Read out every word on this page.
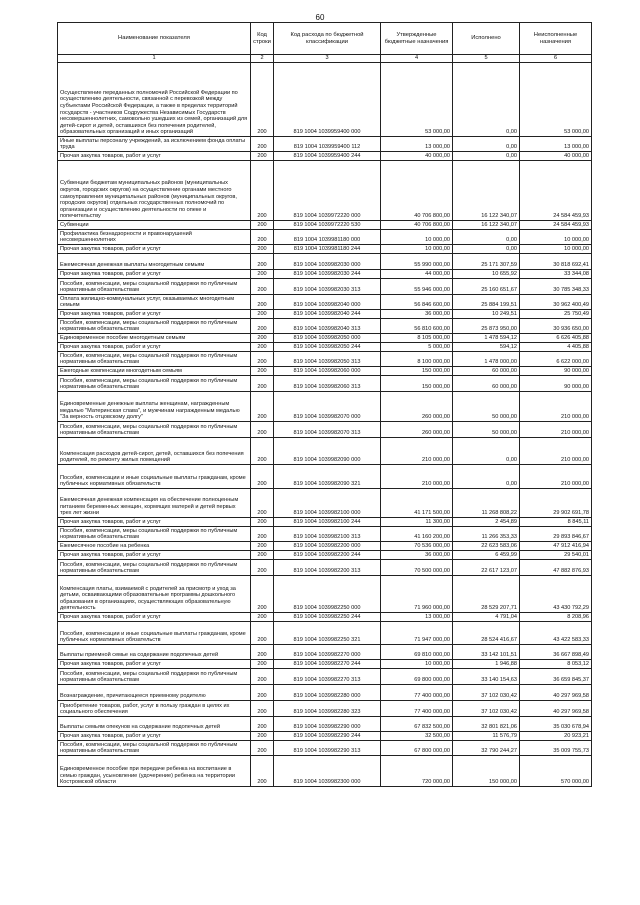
60
Наименование показателя	Код строки	Код расхода по бюджетной классификации	Утвержденные бюджетные назначения	Исполнено	Неисполненные назначения
1	2	3	4	5	6
Осуществление переданных полномочий Российской Федерации по осуществлению деятельности, связанной с перевозкой между субъектами Российской Федерации, а также в пределах территорий государств - участников Содружества Независимых Государств несовершеннолетних, самовольно ушедших из семей, организаций для детей-сирот и детей, оставшихся без попечения родителей, образовательных организаций и иных организаций	200	819 1004 1039959400 000	53 000,00	0,00	53 000,00
Иные выплаты персоналу учреждений, за исключением фонда оплаты труда	200	819 1004 1039959400 112	13 000,00	0,00	13 000,00
Прочая закупка товаров, работ и услуг	200	819 1004 1039959400 244	40 000,00	0,00	40 000,00
Субвенции бюджетам муниципальных районов (муниципальных округов, городских округов) на осуществление органами местного самоуправления муниципальных районов (муниципальных округов, городских округов) отдельных государственных полномочий по организации и осуществлению деятельности по опеке и попечительству	200	819 1004 1039972220 000	40 706 800,00	16 122 340,07	24 584 459,93
Субвенции	200	819 1004 1039972220 530	40 706 800,00	16 122 340,07	24 584 459,93
Профилактика безнадзорности и правонарушений несовершеннолетних	200	819 1004 1039981180 000	10 000,00	0,00	10 000,00
Прочая закупка товаров, работ и услуг	200	819 1004 1039981180 244	10 000,00	0,00	10 000,00
Ежемесячная денежная выплаты многодетным семьям	200	819 1004 1039982030 000	55 990 000,00	25 171 307,59	30 818 692,41
Прочая закупка товаров, работ и услуг	200	819 1004 1039982030 244	44 000,00	10 655,92	33 344,08
Пособия, компенсации, меры социальной поддержки по публичным нормативным обязательствам	200	819 1004 1039982030 313	55 946 000,00	25 160 651,67	30 785 348,33
Оплата жилищно-коммунальных услуг, оказываемых многодетным семьям	200	819 1004 1039982040 000	56 846 600,00	25 884 199,51	30 962 400,49
Прочая закупка товаров, работ и услуг	200	819 1004 1039982040 244	36 000,00	10 249,51	25 750,49
Пособия, компенсации, меры социальной поддержки по публичным нормативным обязательствам	200	819 1004 1039982040 313	56 810 600,00	25 873 950,00	30 936 650,00
Единовременное пособие многодетным семьям	200	819 1004 1039982050 000	8 105 000,00	1 478 594,12	6 626 405,88
Прочая закупка товаров, работ и услуг	200	819 1004 1039982050 244	5 000,00	594,12	4 405,88
Пособия, компенсации, меры социальной поддержки по публичным нормативным обязательствам	200	819 1004 1039982050 313	8 100 000,00	1 478 000,00	6 622 000,00
Ежегодные компенсации многодетным семьям	200	819 1004 1039982060 000	150 000,00	60 000,00	90 000,00
Пособия, компенсации, меры социальной поддержки по публичным нормативным обязательствам	200	819 1004 1039982060 313	150 000,00	60 000,00	90 000,00
Единовременные денежные выплаты женщинам, награжденным медалью "Материнская слава", и мужчинам награжденным медалью "За верность отцовскому долгу"	200	819 1004 1039982070 000	260 000,00	50 000,00	210 000,00
Пособия, компенсации, меры социальной поддержки по публичным нормативным обязательствам	200	819 1004 1039982070 313	260 000,00	50 000,00	210 000,00
Компенсация расходов детей-сирот, детей, оставшихся без попечения родителей, по ремонту жилых помещений	200	819 1004 1039982090 000	210 000,00	0,00	210 000,00
Пособия, компенсации и иные социальные выплаты гражданам, кроме публичных нормативных обязательств	200	819 1004 1039982090 321	210 000,00	0,00	210 000,00
Ежемесячная денежная компенсация на обеспечение полноценным питанием беременных женщин, кормящих матерей и детей первых трех лет жизни	200	819 1004 1039982100 000	41 171 500,00	11 268 808,22	29 902 691,78
Прочая закупка товаров, работ и услуг	200	819 1004 1039982100 244	11 300,00	2 454,89	8 845,11
Пособия, компенсации, меры социальной поддержки по публичным нормативным обязательствам	200	819 1004 1039982100 313	41 160 200,00	11 266 353,33	29 893 846,67
Ежемесячное пособие на ребенка	200	819 1004 1039982200 000	70 536 000,00	22 623 583,06	47 912 416,94
Прочая закупка товаров, работ и услуг	200	819 1004 1039982200 244	36 000,00	6 459,99	29 540,01
Пособия, компенсации, меры социальной поддержки по публичным нормативным обязательствам	200	819 1004 1039982200 313	70 500 000,00	22 617 123,07	47 882 876,93
Компенсация платы, взимаемой с родителей за присмотр и уход за детьми, осваивающими образовательные программы дошкольного образования в организациях, осуществляющих образовательную деятельность	200	819 1004 1039982250 000	71 960 000,00	28 529 207,71	43 430 792,29
Прочая закупка товаров, работ и услуг	200	819 1004 1039982250 244	13 000,00	4 791,04	8 208,96
Пособия, компенсации и иные социальные выплаты гражданам, кроме публичных нормативных обязательств	200	819 1004 1039982250 321	71 947 000,00	28 524 416,67	43 422 583,33
Выплаты приемной семье на содержание подопечных детей	200	819 1004 1039982270 000	69 810 000,00	33 142 101,51	36 667 898,49
Прочая закупка товаров, работ и услуг	200	819 1004 1039982270 244	10 000,00	1 946,88	8 053,12
Пособия, компенсации, меры социальной поддержки по публичным нормативным обязательствам	200	819 1004 1039982270 313	69 800 000,00	33 140 154,63	36 659 845,37
Вознаграждение, причитающееся приемному родителю	200	819 1004 1039982280 000	77 400 000,00	37 102 030,42	40 297 969,58
Приобретение товаров, работ, услуг в пользу граждан в целях их социального обеспечения	200	819 1004 1039982280 323	77 400 000,00	37 102 030,42	40 297 969,58
Выплаты семьям опекунов на содержание подопечных детей	200	819 1004 1039982290 000	67 832 500,00	32 801 821,06	35 030 678,94
Прочая закупка товаров, работ и услуг	200	819 1004 1039982290 244	32 500,00	11 576,79	20 923,21
Пособия, компенсации, меры социальной поддержки по публичным нормативным обязательствам	200	819 1004 1039982290 313	67 800 000,00	32 790 244,27	35 009 755,73
Единовременное пособие при передаче ребенка на воспитание в семью граждан, усыновление (удочерение) ребенка на территории Костромской области	200	819 1004 1039982300 000	720 000,00	150 000,00	570 000,00
